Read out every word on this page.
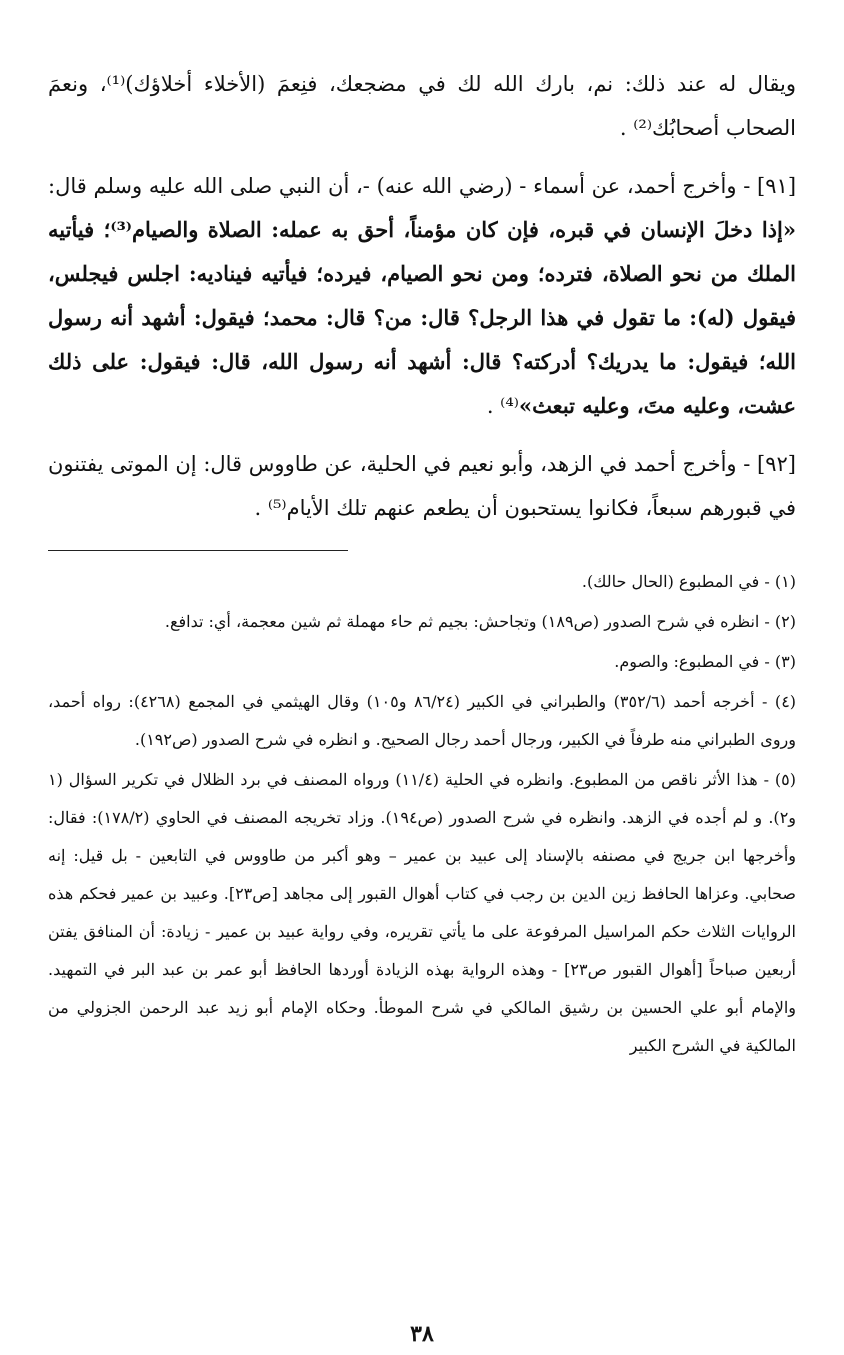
ويقال له عند ذلك: نم، بارك الله لك في مضجعك، فنِعمَ (الأخلاء أخلاؤك)⁽¹⁾، ونعمَ الصحاب أصحابُك⁽²⁾ .

[٩١] - وأخرج أحمد، عن أسماء - (رضي الله عنه) -، أن النبي صلى الله عليه وسلم قال: «إذا دخلَ الإنسان في قبره، فإن كان مؤمناً، أحق به عمله: الصلاة والصيام⁽³⁾؛ فيأتيه الملك من نحو الصلاة، فترده؛ ومن نحو الصيام، فيرده؛ فيأتيه فيناديه: اجلس فيجلس، فيقول (له): ما تقول في هذا الرجل؟ قال: من؟ قال: محمد؛ فيقول: أشهد أنه رسول الله؛ فيقول: ما يدريك؟ أدركته؟ قال: أشهد أنه رسول الله، قال: فيقول: على ذلك عشت، وعليه متَ، وعليه تبعث»⁽⁴⁾ .

[٩٢] - وأخرج أحمد في الزهد، وأبو نعيم في الحلية، عن طاووس قال: إن الموتى يفتنون في قبورهم سبعاً، فكانوا يستحبون أن يطعم عنهم تلك الأيام⁽⁵⁾ .

(١) - في المطبوع (الحال حالك).

(٢) - انظره في شرح الصدور (ص١٨٩) وتجاحش: بجيم ثم حاء مهملة ثم شين معجمة، أي: تدافع.

(٣) - في المطبوع: والصوم.

(٤) - أخرجه أحمد (٣٥٢/٦) والطبراني في الكبير (٨٦/٢٤ و١٠٥) وقال الهيثمي في المجمع (٤٢٦٨): رواه أحمد، وروى الطبراني منه طرفاً في الكبير، ورجال أحمد رجال الصحيح. و انظره في شرح الصدور (ص١٩٢).

(٥) - هذا الأثر ناقص من المطبوع. وانظره في الحلية (١١/٤) ورواه المصنف في برد الظلال في تكرير السؤال (١ و٢). و لم أجده في الزهد. وانظره في شرح الصدور (ص١٩٤). وزاد تخريجه المصنف في الحاوي (١٧٨/٢): فقال: وأخرجها ابن جريج في مصنفه بالإسناد إلى عبيد بن عمير – وهو أكبر من طاووس في التابعين - بل قيل: إنه صحابي. وعزاها الحافظ زين الدين بن رجب في كتاب أهوال القبور إلى مجاهد [ص٢٣]. وعبيد بن عمير فحكم هذه الروايات الثلاث حكم المراسيل المرفوعة على ما يأتي تقريره، وفي رواية عبيد بن عمير - زيادة: أن المنافق يفتن أربعين صباحاً [أهوال القبور ص٢٣] - وهذه الرواية بهذه الزيادة أوردها الحافظ أبو عمر بن عبد البر في التمهيد. والإمام أبو علي الحسين بن رشيق المالكي في شرح الموطأ. وحكاه الإمام أبو زيد عبد الرحمن الجزولي من المالكية في الشرح الكبير

٣٨
